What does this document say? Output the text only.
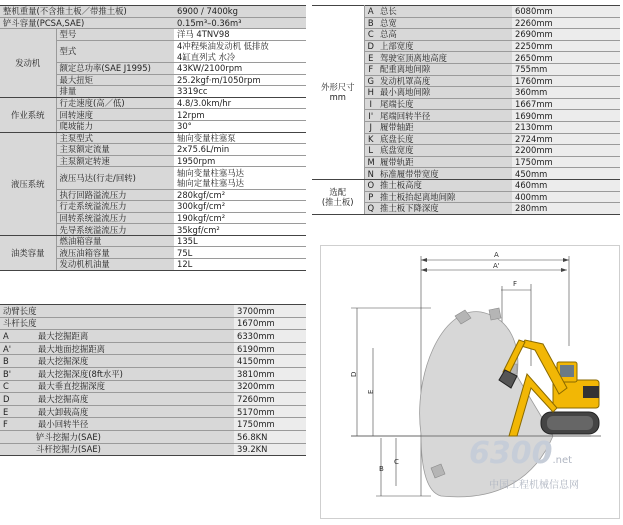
整机重量(不含推土板／带推土板)		6900 / 7400kg
铲斗容量(PCSA,SAE)		0.15m³–0.36m³
发动机	型号	洋马 4TNV98
	型式	4冲程柴油发动机 低排放
		4缸直列式 水冷
	额定总功率(SAE J1995)	43KW/2100rpm
	最大扭矩	25.2kgf·m/1050rpm
	排量	3319cc
作业系统	行走速度(高／低)	4.8/3.0km/hr
	回转速度	12rpm
	爬坡能力	30°
液压系统	主泵型式	轴向变量柱塞泵
	主泵额定流量	2x75.6L/min
	主泵额定转速	1950rpm
	液压马达(行走/回转)	轴向变量柱塞马达
		轴向定量柱塞马达
	执行回路溢流压力	280kgf/cm²
	行走系统溢流压力	300kgf/cm²
	回转系统溢流压力	190kgf/cm²
	先导系统溢流压力	35kgf/cm²
油类容量	燃油箱容量	135L
	液压油箱容量	75L
	发动机机油量	12L
外形尺寸
mm	A	总长	6080mm
	B	总宽	2260mm
	C	总高	2690mm
	D	上部宽度	2250mm
	E	驾驶室顶离地高度	2650mm
	F	配重离地间隙	755mm
	G	发动机罩高度	1760mm
	H	最小离地间隙	360mm
	I	尾端长度	1667mm
	I'	尾端回转半径	1690mm
	J	履带轴距	2130mm
	K	底盘长度	2724mm
	L	底盘宽度	2200mm
	M	履带轨距	1750mm
	N	标准履带带宽度	450mm
选配
(推土板)	O	推土板高度	460mm
	P	推土板抬起离地间隙	400mm
	Q	推土板下降深度	280mm
动臂长度		3700mm
斗杆长度		1670mm
A	最大挖掘距离	6330mm
A'	最大地面挖掘距离	6190mm
B	最大挖掘深度	4150mm
B'	最大挖掘深度(8ft水平)	3810mm
C	最大垂直挖掘深度	3200mm
D	最大挖掘高度	7260mm
E	最大卸载高度	5170mm
F	最小回转半径	1750mm
铲斗挖掘力(SAE)		56.8KN
斗杆挖掘力(SAE)		39.2KN
A
A'
F
D
E
B
C 6300.net
中国工程机械信息网
